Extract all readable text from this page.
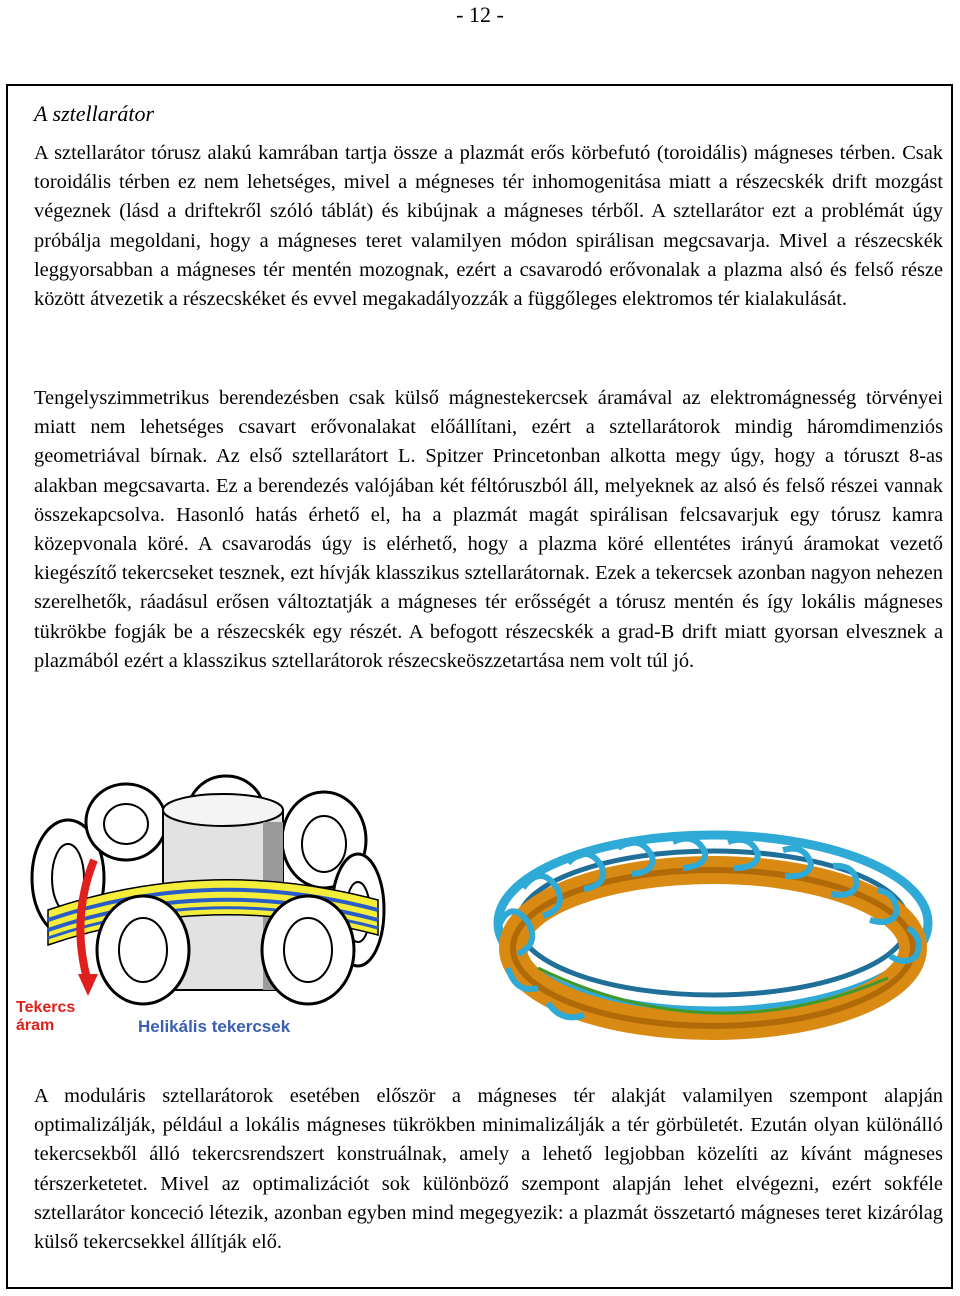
- 12 -
A sztellarátor

A sztellarátor tórusz alakú kamrában tartja össze a plazmát erős körbefutó (toroidális) mágneses térben. Csak toroidális térben ez nem lehetséges, mivel a mégneses tér inhomogenitása miatt a részecskék drift mozgást végeznek (lásd a driftekről szóló táblát) és kibújnak a mágneses térből. A sztellarátor ezt a problémát úgy próbálja megoldani, hogy a mágneses teret valamilyen módon spirálisan megcsavarja. Mivel a részecskék leggyorsabban a mágneses tér mentén mozognak, ezért a csavarodó erővonalak a plazma alsó és felső része között átvezetik a részecskéket és evvel megakadályozzák a függőleges elektromos tér kialakulását.

Tengelyszimmetrikus berendezésben csak külső mágnestekercsek áramával az elektromágnesség törvényei miatt nem lehetséges csavart erővonalakat előállítani, ezért a sztellarátorok mindig háromdimenziós geometriával bírnak. Az első sztellarátort L. Spitzer Princetonban alkotta megy úgy, hogy a tóruszt 8-as alakban megcsavarta. Ez a berendezés valójában két féltóruszból áll, melyeknek az alsó és felső részei vannak összekapcsolva. Hasonló hatás érhető el, ha a plazmát magát spirálisan felcsavarjuk egy tórusz kamra közepvonala köré. A csavarodás úgy is elérhető, hogy a plazma köré ellentétes irányú áramokat vezető kiegészítő tekercseket tesznek, ezt hívják klasszikus sztellarátornak. Ezek a tekercsek azonban nagyon nehezen szerelhetők, ráadásul erősen változtatják a mágneses tér erősségét a tórusz mentén és így lokális mágneses tükrökbe fogják be a részecskék egy részét. A befogott részecskék a grad-B drift miatt gyorsan elvesznek a plazmából ezért a klasszikus sztellarátorok részecskeöszzetartása nem volt túl jó.

Tekercs
áram	Helikális tekercsek

A moduláris sztellarátorok esetében először a mágneses tér alakját valamilyen szempont alapján optimalizálják, például a lokális mágneses tükrökben minimalizálják a tér görbületét. Ezután olyan különálló tekercsekből álló tekercsrendszert konstruálnak, amely a lehető legjobban közelíti az kívánt mágneses térszerketetet. Mivel az optimalizációt sok különböző szempont alapján lehet elvégezni, ezért sokféle sztellarátor konceció létezik, azonban egyben mind megegyezik: a plazmát összetartó mágneses teret kizárólag külső tekercsekkel állítják elő.
